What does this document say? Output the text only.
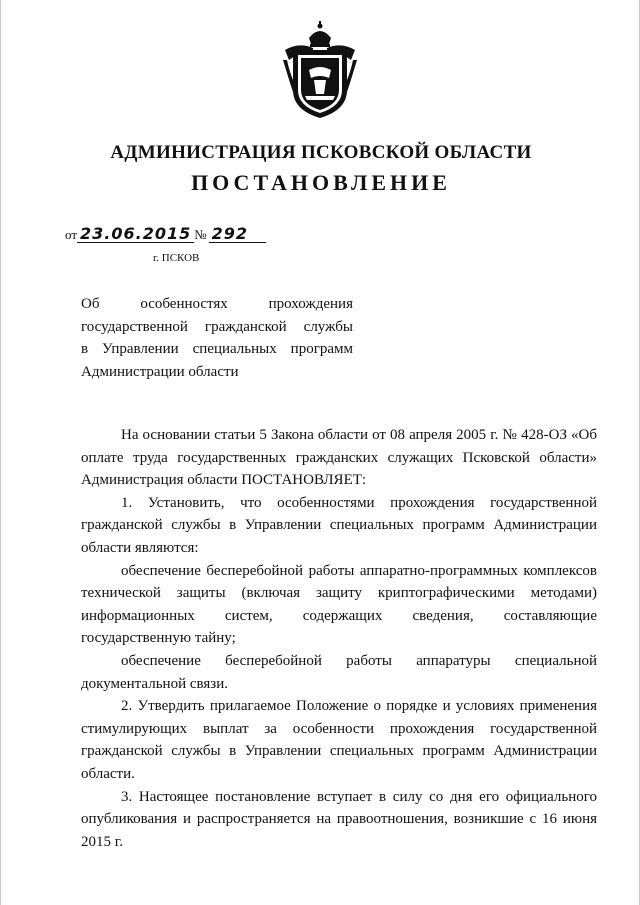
АДМИНИСТРАЦИЯ ПСКОВСКОЙ ОБЛАСТИ
ПОСТАНОВЛЕНИЕ
от 23.06.2015 № 292
г. ПСКОВ
Об	особенностях	прохождения
государственной гражданской службы
в Управлении специальных программ
Администрации области

На основании статьи 5 Закона области от 08 апреля 2005 г. № 428-ОЗ «Об оплате труда государственных гражданских служащих Псковской области» Администрация области ПОСТАНОВЛЯЕТ:

1. Установить, что особенностями прохождения государственной гражданской службы в Управлении специальных программ Администрации области являются:

обеспечение бесперебойной работы аппаратно-программных комплексов технической защиты (включая защиту криптографическими методами) информационных систем, содержащих сведения, составляющие государственную тайну;

обеспечение бесперебойной работы аппаратуры специальной документальной связи.

2. Утвердить прилагаемое Положение о порядке и условиях применения стимулирующих выплат за особенности прохождения государственной гражданской службы в Управлении специальных программ Администрации области.

3. Настоящее постановление вступает в силу со дня его официального опубликования и распространяется на правоотношения, возникшие с 16 июня 2015 г.
